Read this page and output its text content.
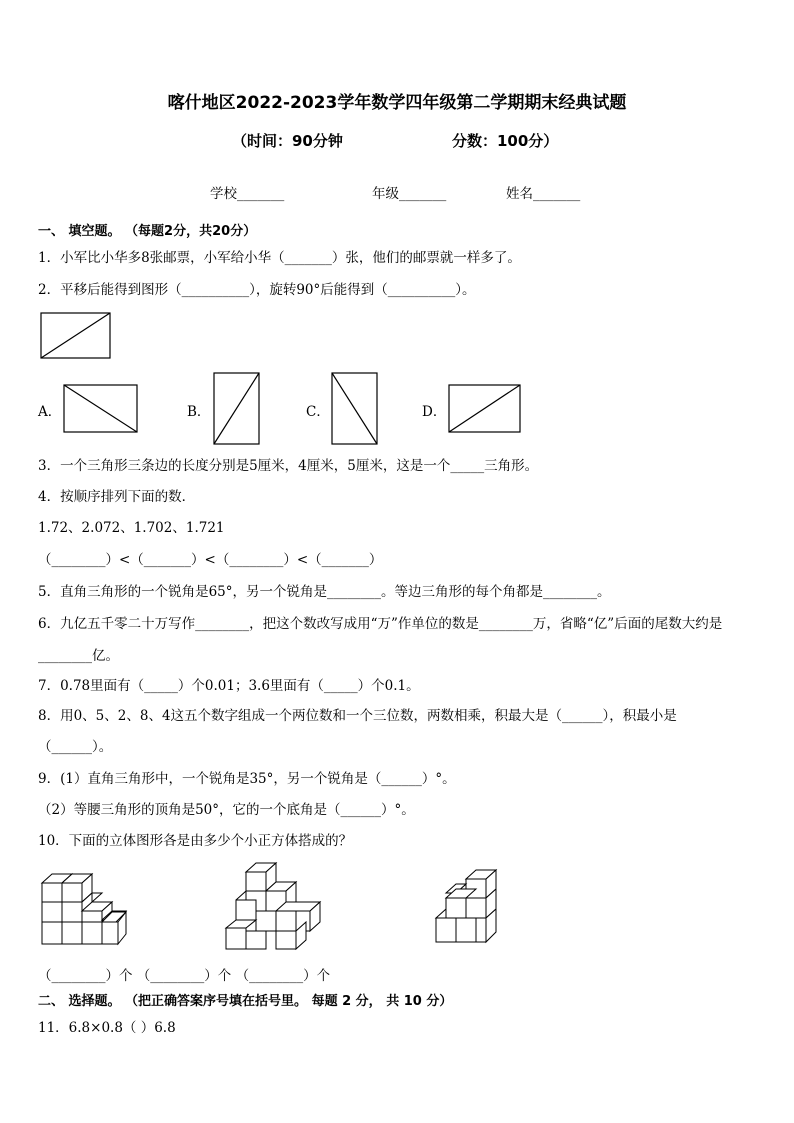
喀什地区2022-2023学年数学四年级第二学期期末经典试题
（时间：90分钟	分数：100分）
学校_______	年级_______	姓名_______
一、 填空题。 （每题2分，共20分）
1．小军比小华多8张邮票，小军给小华（_______）张，他们的邮票就一样多了。
2．平移后能得到图形（__________），旋转90°后能得到（__________）。
A．	B．	C．	D．
3．一个三角形三条边的长度分别是5厘米，4厘米，5厘米，这是一个_____三角形。
4．按顺序排列下面的数．
1.72、2.072、1.702、1.721
（________）<（_______）<（________）<（_______）
5．直角三角形的一个锐角是65°，另一个锐角是________。等边三角形的每个角都是________。
6．九亿五千零二十万写作________，把这个数改写成用“万”作单位的数是________万，省略“亿”后面的尾数大约是
________亿。
7．0.78里面有（_____）个0.01；3.6里面有（_____）个0.1。
8．用0、5、2、8、4这五个数字组成一个两位数和一个三位数，两数相乘，积最大是（______），积最小是
（______）。
9．(1）直角三角形中，一个锐角是35°，另一个锐角是（______）°。
（2）等腰三角形的顶角是50°，它的一个底角是（______）°。
10．下面的立体图形各是由多少个小正方体搭成的？
（________）个 （________）个 （________）个
二、 选择题。 （把正确答案序号填在括号里。 每题 2 分， 共 10 分）
11．6.8×0.8（ ）6.8
